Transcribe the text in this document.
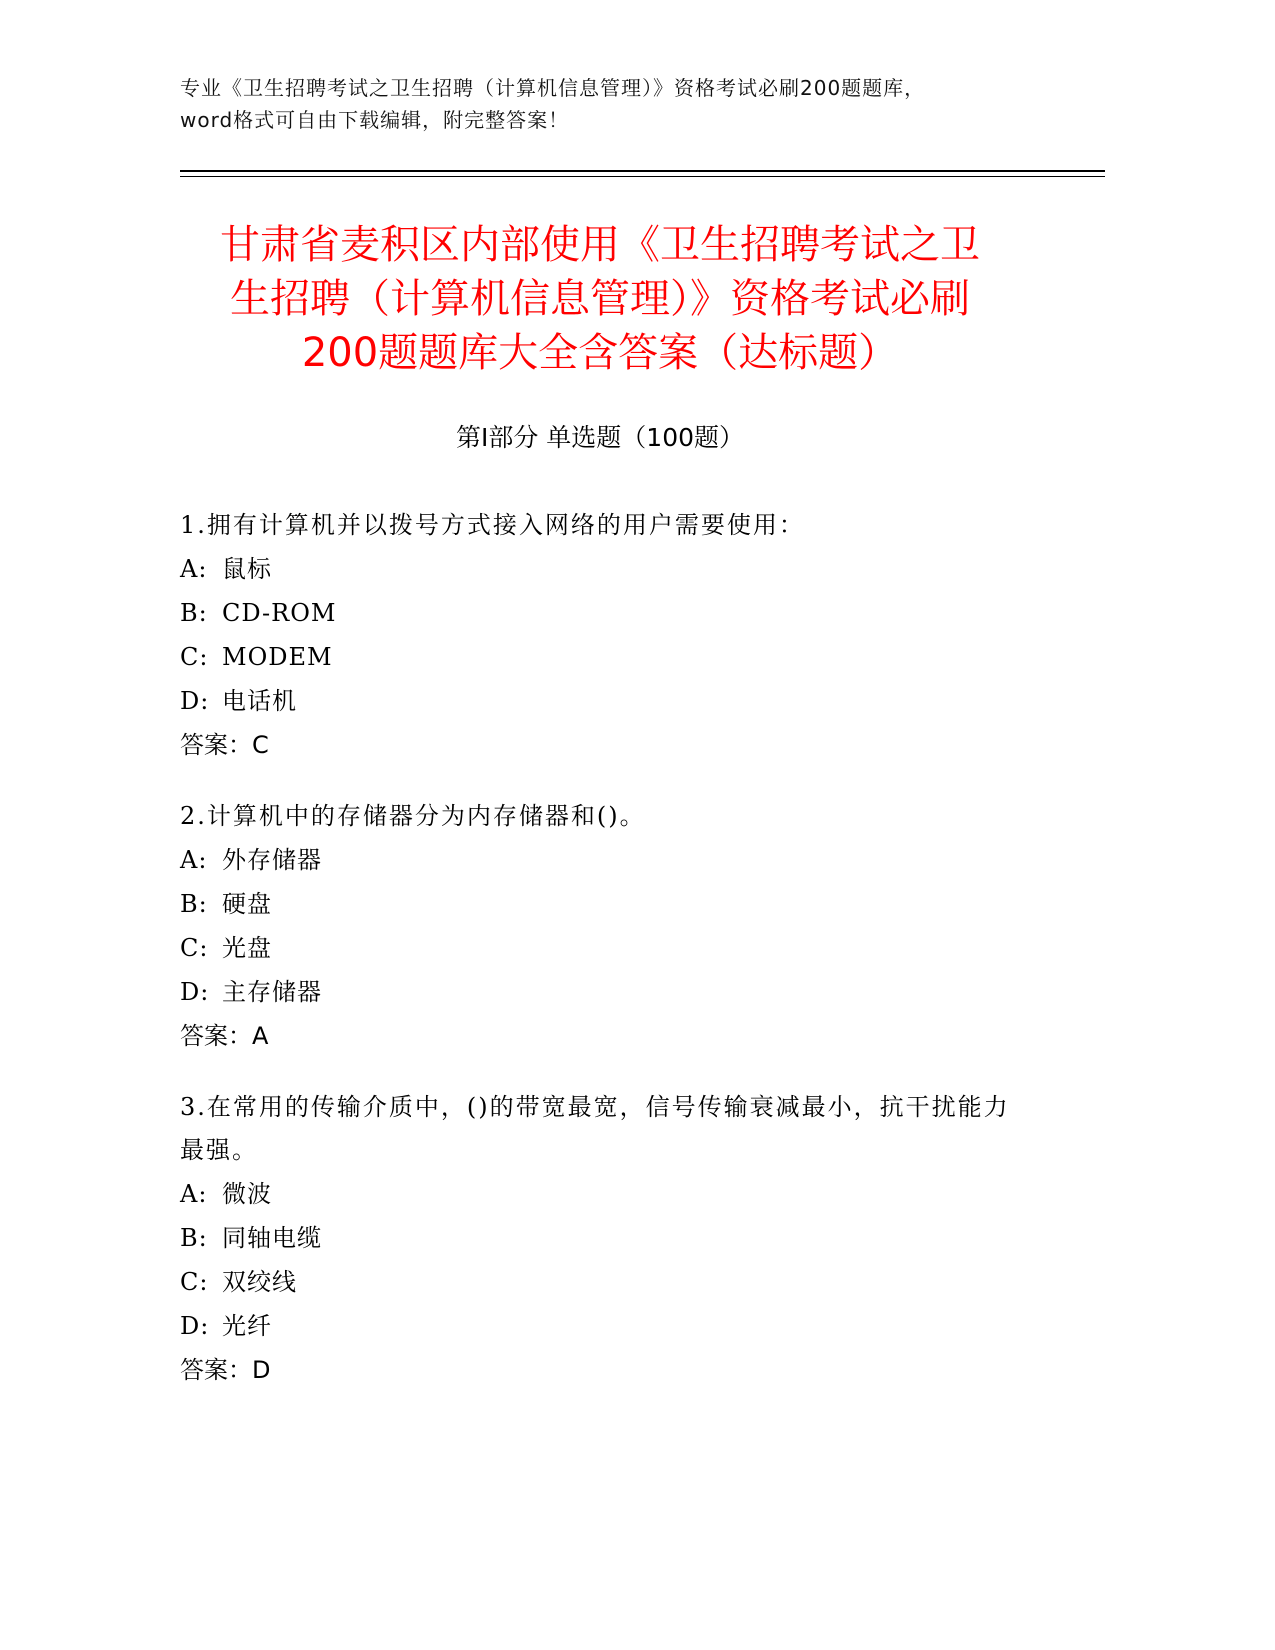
专业《卫生招聘考试之卫生招聘（计算机信息管理）》资格考试必刷200题题库，
word格式可自由下载编辑，附完整答案！
甘肃省麦积区内部使用《卫生招聘考试之卫
生招聘（计算机信息管理）》资格考试必刷
200题题库大全含答案（达标题）
第Ⅰ部分 单选题（100题）
1.拥有计算机并以拨号方式接入网络的用户需要使用：
A: 鼠标
B: CD-ROM
C: MODEM
D: 电话机
答案：C
2.计算机中的存储器分为内存储器和()。
A: 外存储器
B: 硬盘
C: 光盘
D: 主存储器
答案：A
3.在常用的传输介质中，()的带宽最宽，信号传输衰减最小，抗干扰能力最强。
A: 微波
B: 同轴电缆
C: 双绞线
D: 光纤
答案：D
